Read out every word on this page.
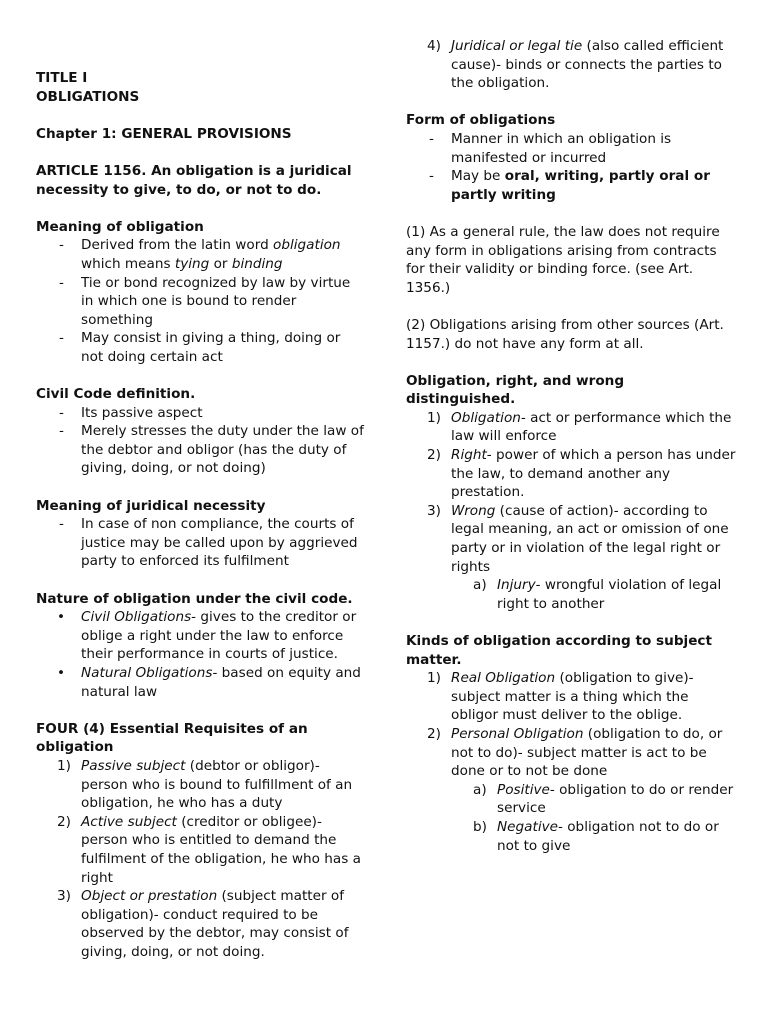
TITLE I
OBLIGATIONS
Chapter 1: GENERAL PROVISIONS
ARTICLE 1156. An obligation is a juridical necessity to give, to do, or not to do.
Meaning of obligation
- Derived from the latin word obligation which means tying or binding
- Tie or bond recognized by law by virtue in which one is bound to render something
- May consist in giving a thing, doing or not doing certain act
Civil Code definition.
- Its passive aspect
- Merely stresses the duty under the law of the debtor and obligor (has the duty of giving, doing, or not doing)
Meaning of juridical necessity
- In case of non compliance, the courts of justice may be called upon by aggrieved party to enforced its fulfilment
Nature of obligation under the civil code.
• Civil Obligations- gives to the creditor or oblige a right under the law to enforce their performance in courts of justice.
• Natural Obligations- based on equity and natural law
FOUR (4) Essential Requisites of an obligation
1) Passive subject (debtor or obligor)- person who is bound to fulfillment of an obligation, he who has a duty
2) Active subject (creditor or obligee)- person who is entitled to demand the fulfilment of the obligation, he who has a right
3) Object or prestation (subject matter of obligation)- conduct required to be observed by the debtor, may consist of giving, doing, or not doing.
4) Juridical or legal tie (also called efficient cause)- binds or connects the parties to the obligation.
Form of obligations
- Manner in which an obligation is manifested or incurred
- May be oral, writing, partly oral or partly writing
(1) As a general rule, the law does not require any form in obligations arising from contracts for their validity or binding force. (see Art. 1356.)
(2) Obligations arising from other sources (Art. 1157.) do not have any form at all.
Obligation, right, and wrong distinguished.
1) Obligation- act or performance which the law will enforce
2) Right- power of which a person has under the law, to demand another any prestation.
3) Wrong (cause of action)- according to legal meaning, an act or omission of one party or in violation of the legal right or rights
a) Injury- wrongful violation of legal right to another
Kinds of obligation according to subject matter.
1) Real Obligation (obligation to give)- subject matter is a thing which the obligor must deliver to the oblige.
2) Personal Obligation (obligation to do, or not to do)- subject matter is act to be done or to not be done
a) Positive- obligation to do or render service
b) Negative- obligation not to do or not to give
